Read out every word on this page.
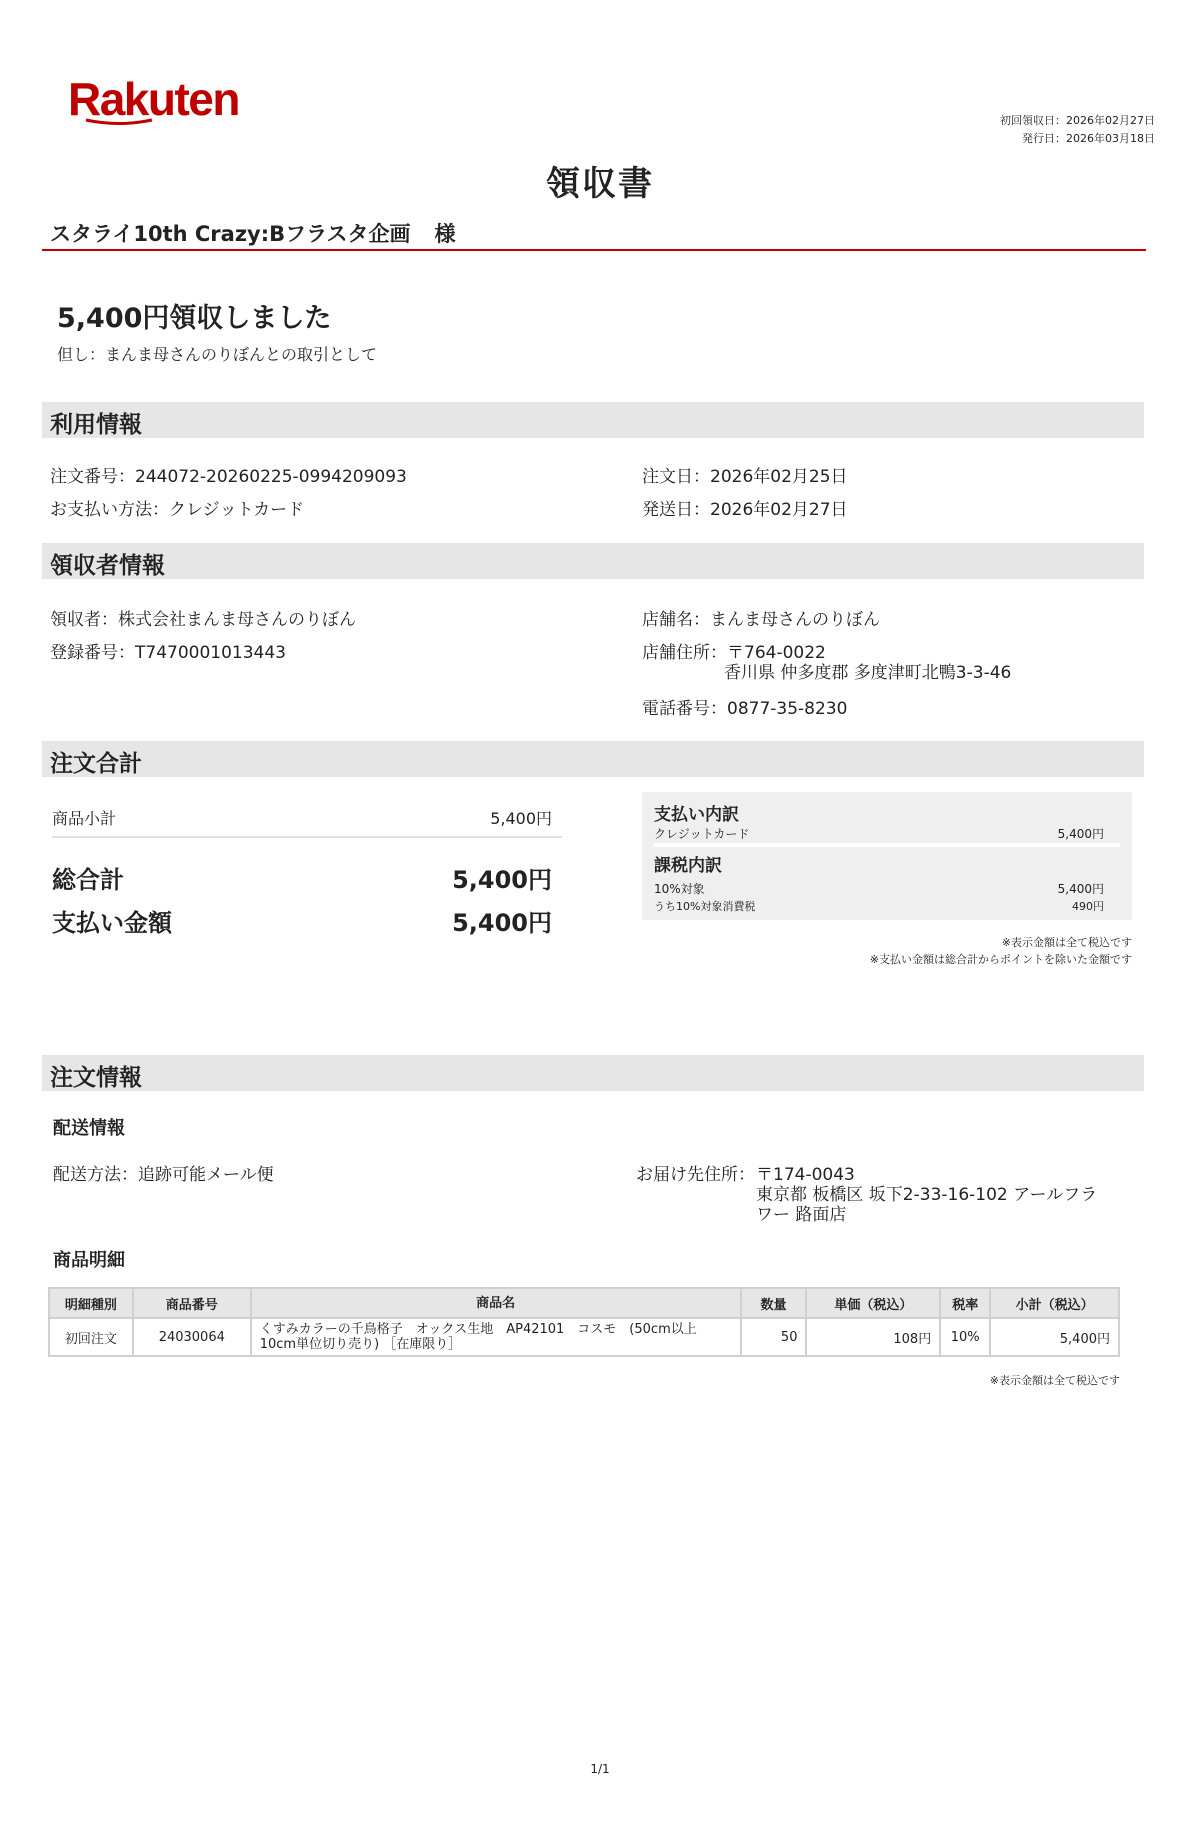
Rakuten	初回領収日：2026年02月27日
発行日：2026年03月18日
領収書
スタライ10th Crazy:Bフラスタ企画 様
5,400円領収しました
但し：まんま母さんのりぼんとの取引として
利用情報
注文番号：244072-20260225-0994209093	注文日：2026年02月25日
お支払い方法：クレジットカード	発送日：2026年02月27日
領収者情報
領収者：株式会社まんま母さんのりぼん	店舗名：まんま母さんのりぼん
登録番号：T7470001013443	店舗住所：〒764-0022
香川県 仲多度郡 多度津町北鴨3-3-46
電話番号：0877-35-8230
注文合計
商品小計	5,400円
総合計	5,400円
支払い金額	5,400円
支払い内訳
クレジットカード	5,400円
課税内訳
10%対象	5,400円
うち10%対象消費税	490円
※表示金額は全て税込です
※支払い金額は総合計からポイントを除いた金額です
注文情報
配送情報
配送方法：追跡可能メール便	お届け先住所： 〒174-0043
東京都 板橋区 坂下2-33-16-102 アールフラ
ワー 路面店
商品明細
明細種別	商品番号	商品名	数量	単価（税込）	税率	小計（税込）
初回注文	24030064	くすみカラーの千鳥格子　オックス生地　AP42101　コスモ　(50cm以上10cm単位切り売り) ［在庫限り］	50	108円	10%	5,400円
※表示金額は全て税込です
1/1
